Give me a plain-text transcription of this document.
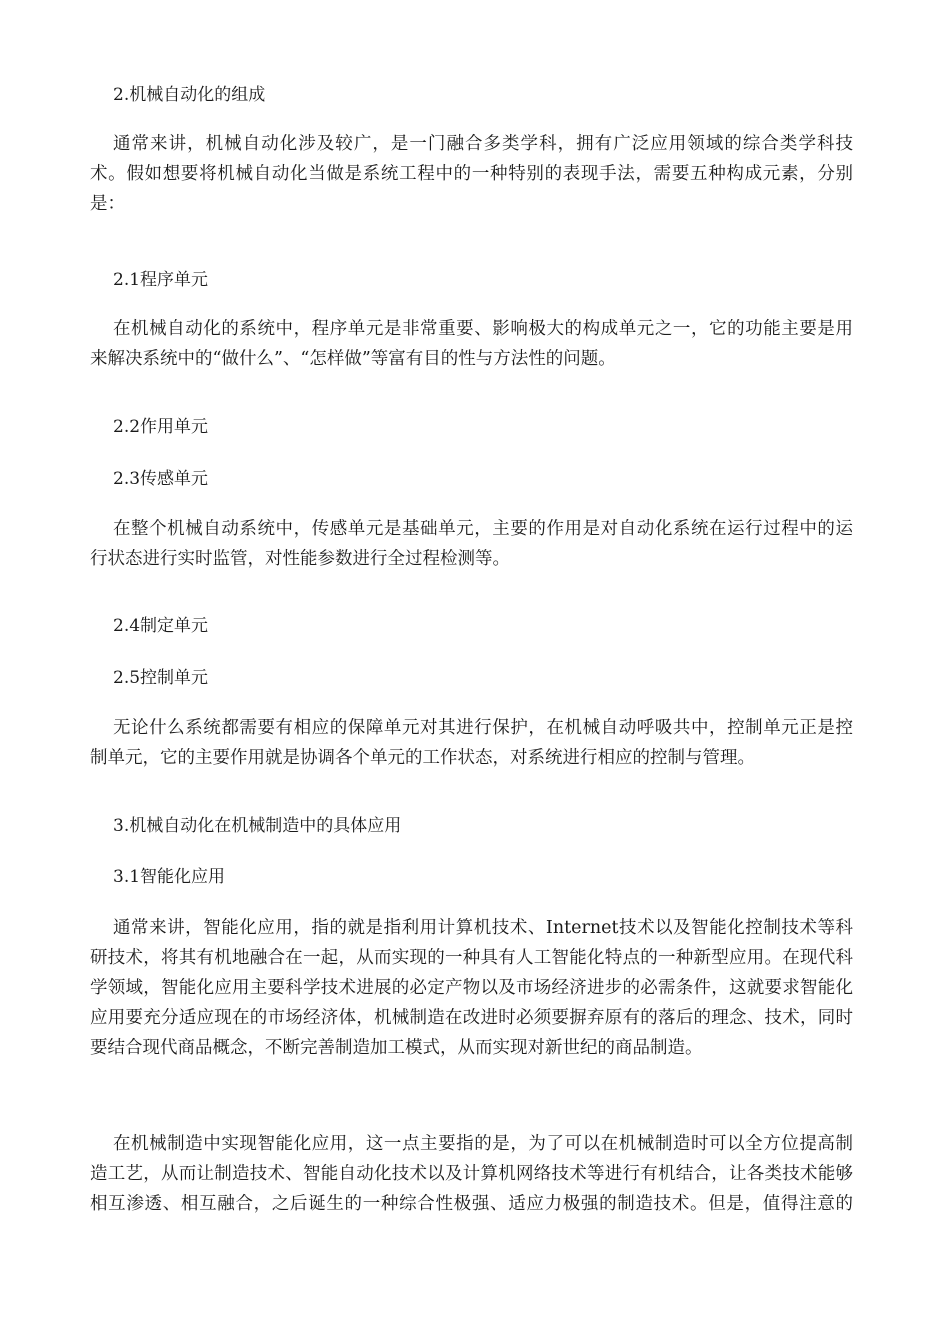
2.机械自动化的组成
通常来讲，机械自动化涉及较广，是一门融合多类学科，拥有广泛应用领域的综合类学科技
术。假如想要将机械自动化当做是系统工程中的一种特别的表现手法，需要五种构成元素，分别
是：
2.1程序单元
在机械自动化的系统中，程序单元是非常重要、影响极大的构成单元之一，它的功能主要是用
来解决系统中的“做什么”、“怎样做”等富有目的性与方法性的问题。
2.2作用单元
2.3传感单元
在整个机械自动系统中，传感单元是基础单元，主要的作用是对自动化系统在运行过程中的运
行状态进行实时监管，对性能参数进行全过程检测等。
2.4制定单元
2.5控制单元
无论什么系统都需要有相应的保障单元对其进行保护，在机械自动呼吸共中，控制单元正是控
制单元，它的主要作用就是协调各个单元的工作状态，对系统进行相应的控制与管理。
3.机械自动化在机械制造中的具体应用
3.1智能化应用
通常来讲，智能化应用，指的就是指利用计算机技术、Internet技术以及智能化控制技术等科
研技术，将其有机地融合在一起，从而实现的一种具有人工智能化特点的一种新型应用。在现代科
学领域，智能化应用主要科学技术进展的必定产物以及市场经济进步的必需条件，这就要求智能化
应用要充分适应现在的市场经济体，机械制造在改进时必须要摒弃原有的落后的理念、技术，同时
要结合现代商品概念，不断完善制造加工模式，从而实现对新世纪的商品制造。
在机械制造中实现智能化应用，这一点主要指的是，为了可以在机械制造时可以全方位提高制
造工艺，从而让制造技术、智能自动化技术以及计算机网络技术等进行有机结合，让各类技术能够
相互渗透、相互融合，之后诞生的一种综合性极强、适应力极强的制造技术。但是，值得注意的
